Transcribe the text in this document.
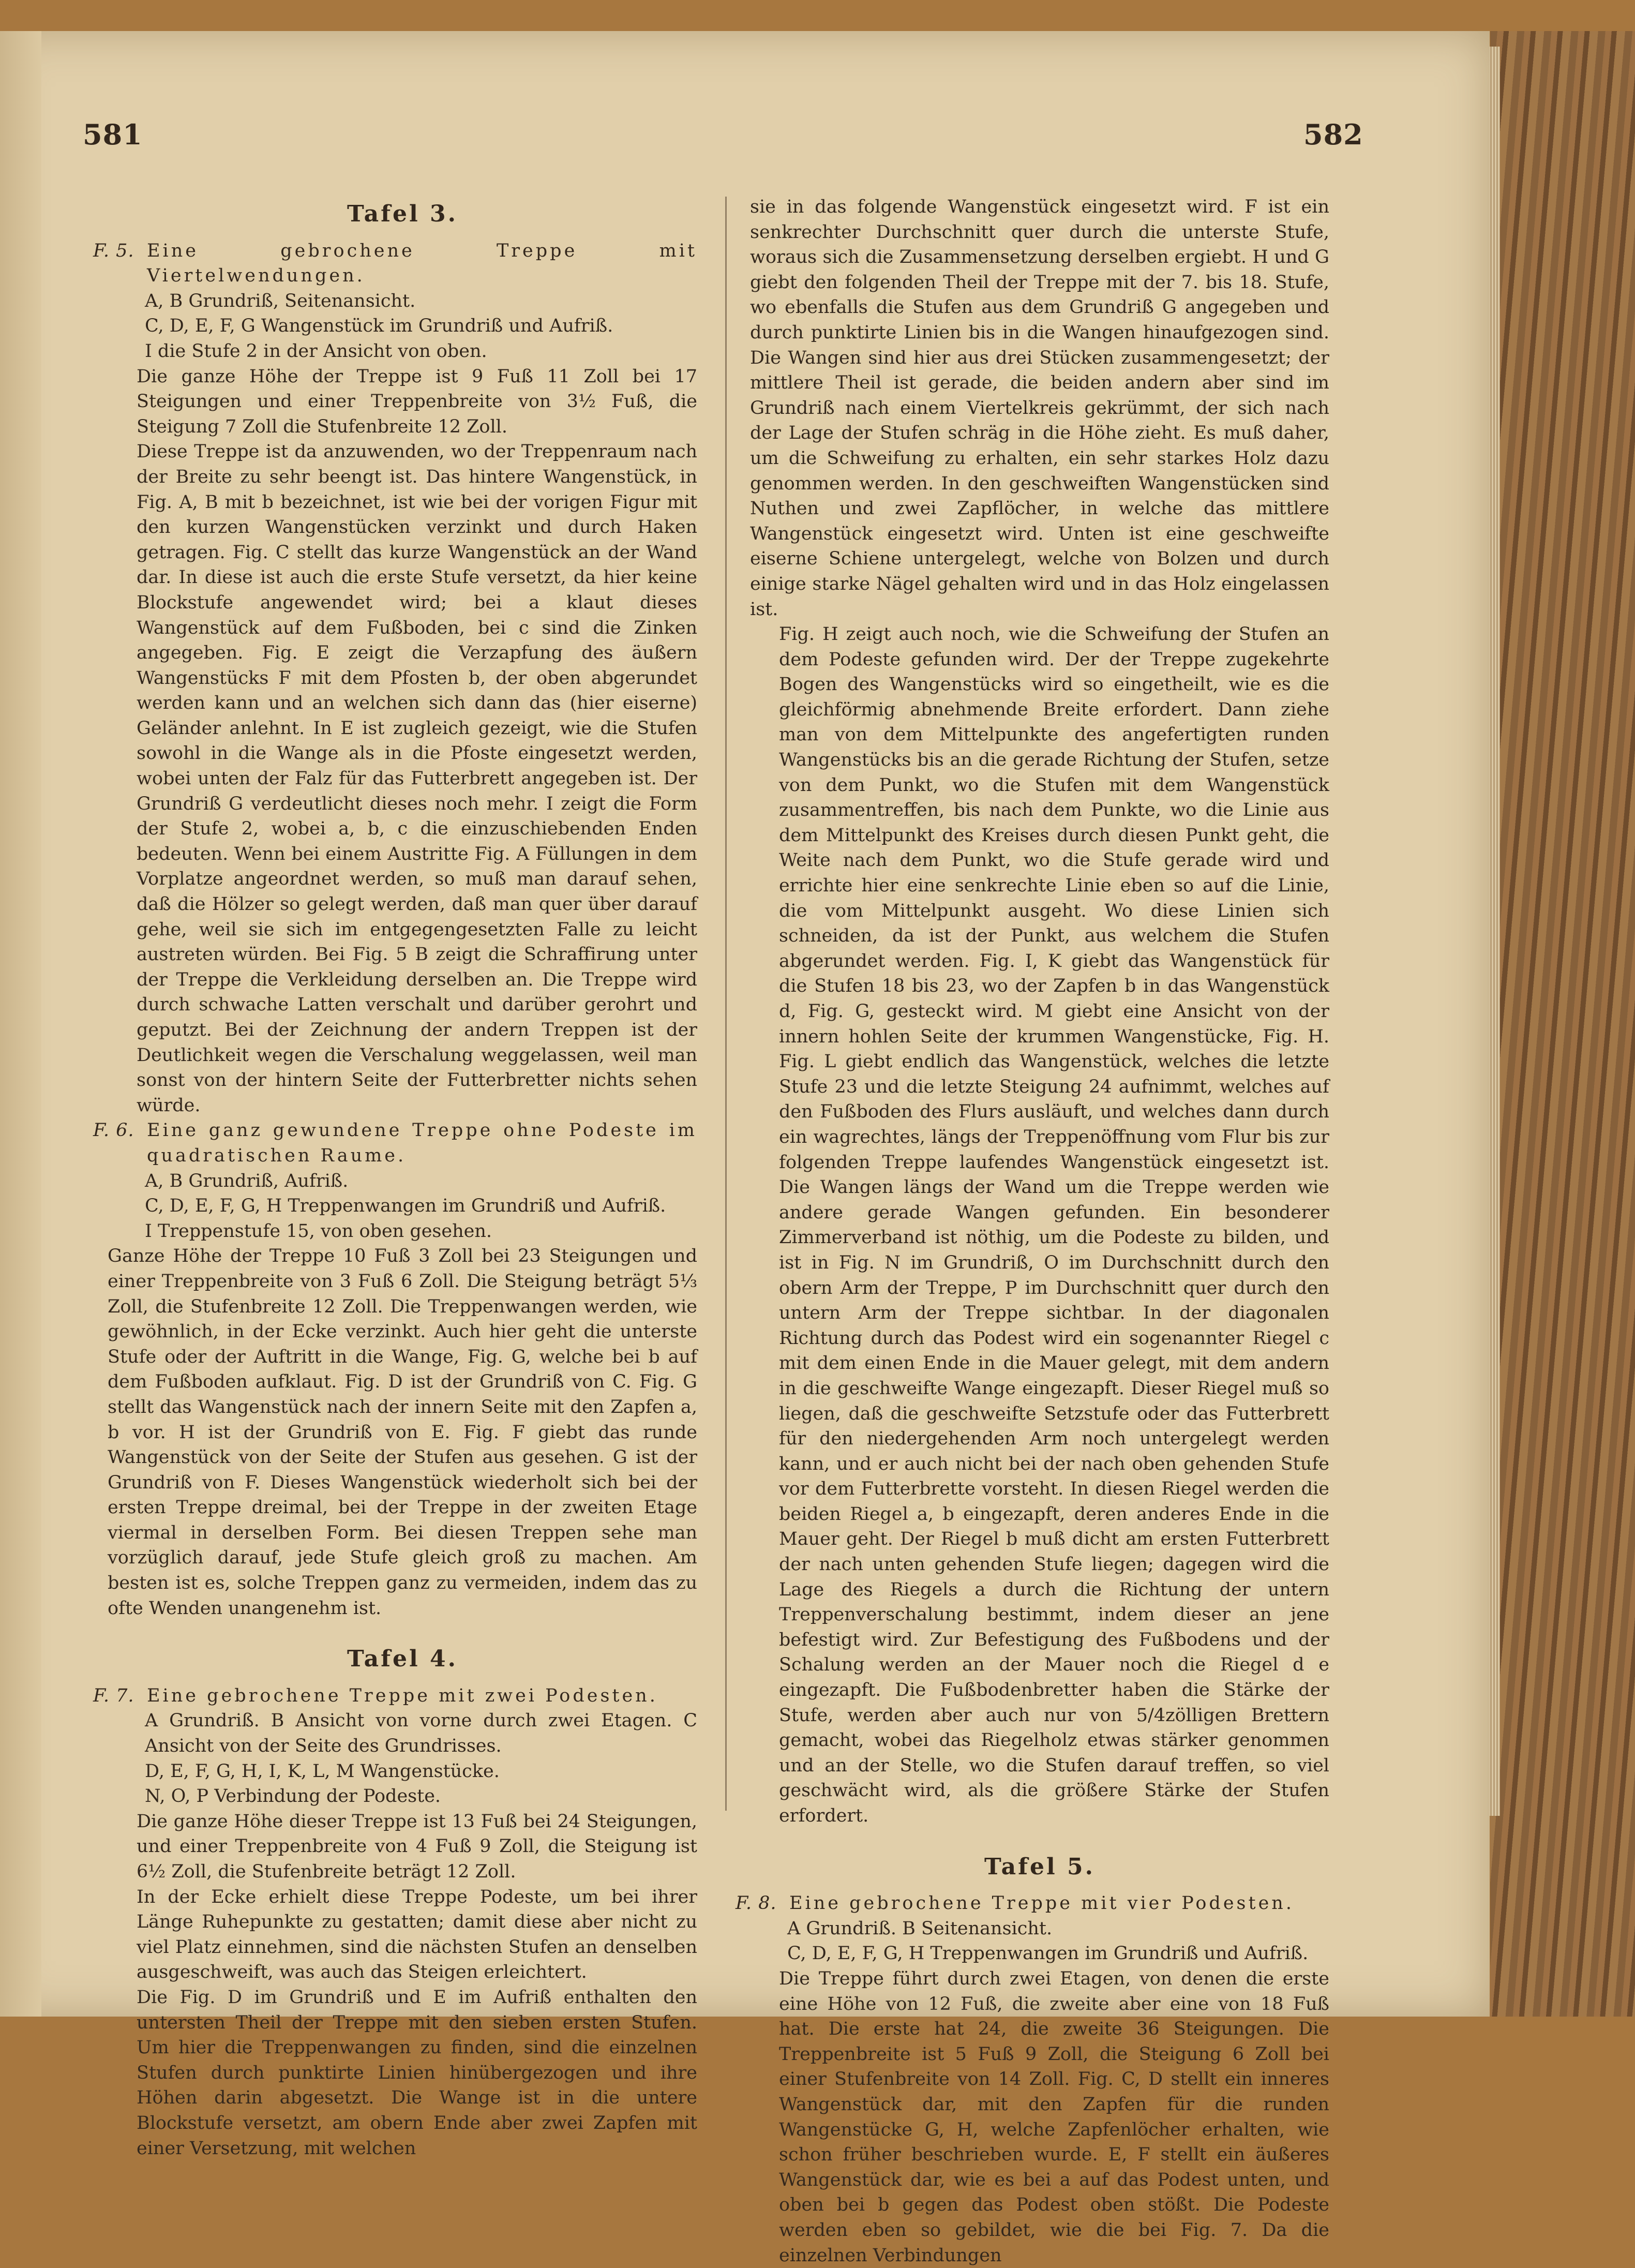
581	582
Tafel 3.

F. 5. Eine gebrochene Treppe mit Viertelwendungen.

A, B Grundriß, Seitenansicht.

C, D, E, F, G Wangenstück im Grundriß und Aufriß.

I die Stufe 2 in der Ansicht von oben.

Die ganze Höhe der Treppe ist 9 Fuß 11 Zoll bei 17 Steigungen und einer Treppenbreite von 3½ Fuß, die Steigung 7 Zoll die Stufenbreite 12 Zoll.

Diese Treppe ist da anzuwenden, wo der Treppenraum nach der Breite zu sehr beengt ist. Das hintere Wangenstück, in Fig. A, B mit b bezeichnet, ist wie bei der vorigen Figur mit den kurzen Wangenstücken verzinkt und durch Haken getragen. Fig. C stellt das kurze Wangenstück an der Wand dar. In diese ist auch die erste Stufe versetzt, da hier keine Blockstufe angewendet wird; bei a klaut dieses Wangenstück auf dem Fußboden, bei c sind die Zinken angegeben. Fig. E zeigt die Verzapfung des äußern Wangenstücks F mit dem Pfosten b, der oben abgerundet werden kann und an welchen sich dann das (hier eiserne) Geländer anlehnt. In E ist zugleich gezeigt, wie die Stufen sowohl in die Wange als in die Pfoste eingesetzt werden, wobei unten der Falz für das Futterbrett angegeben ist. Der Grundriß G verdeutlicht dieses noch mehr. I zeigt die Form der Stufe 2, wobei a, b, c die einzuschiebenden Enden bedeuten. Wenn bei einem Austritte Fig. A Füllungen in dem Vorplatze angeordnet werden, so muß man darauf sehen, daß die Hölzer so gelegt werden, daß man quer über darauf gehe, weil sie sich im entgegengesetzten Falle zu leicht austreten würden. Bei Fig. 5 B zeigt die Schraffirung unter der Treppe die Verkleidung derselben an. Die Treppe wird durch schwache Latten verschalt und darüber gerohrt und geputzt. Bei der Zeichnung der andern Treppen ist der Deutlichkeit wegen die Verschalung weggelassen, weil man sonst von der hintern Seite der Futterbretter nichts sehen würde.

F. 6. Eine ganz gewundene Treppe ohne Podeste im quadratischen Raume.

A, B Grundriß, Aufriß.

C, D, E, F, G, H Treppenwangen im Grundriß und Aufriß.

I Treppenstufe 15, von oben gesehen.

Ganze Höhe der Treppe 10 Fuß 3 Zoll bei 23 Steigungen und einer Treppenbreite von 3 Fuß 6 Zoll. Die Steigung beträgt 5⅓ Zoll, die Stufenbreite 12 Zoll. Die Treppenwangen werden, wie gewöhnlich, in der Ecke verzinkt. Auch hier geht die unterste Stufe oder der Auftritt in die Wange, Fig. G, welche bei b auf dem Fußboden aufklaut. Fig. D ist der Grundriß von C. Fig. G stellt das Wangenstück nach der innern Seite mit den Zapfen a, b vor. H ist der Grundriß von E. Fig. F giebt das runde Wangenstück von der Seite der Stufen aus gesehen. G ist der Grundriß von F. Dieses Wangenstück wiederholt sich bei der ersten Treppe dreimal, bei der Treppe in der zweiten Etage viermal in derselben Form. Bei diesen Treppen sehe man vorzüglich darauf, jede Stufe gleich groß zu machen. Am besten ist es, solche Treppen ganz zu vermeiden, indem das zu ofte Wenden unangenehm ist.

Tafel 4.

F. 7. Eine gebrochene Treppe mit zwei Podesten.

A Grundriß. B Ansicht von vorne durch zwei Etagen. C Ansicht von der Seite des Grundrisses.

D, E, F, G, H, I, K, L, M Wangenstücke.

N, O, P Verbindung der Podeste.

Die ganze Höhe dieser Treppe ist 13 Fuß bei 24 Steigungen, und einer Treppenbreite von 4 Fuß 9 Zoll, die Steigung ist 6½ Zoll, die Stufenbreite beträgt 12 Zoll.

In der Ecke erhielt diese Treppe Podeste, um bei ihrer Länge Ruhepunkte zu gestatten; damit diese aber nicht zu viel Platz einnehmen, sind die nächsten Stufen an denselben ausgeschweift, was auch das Steigen erleichtert.

Die Fig. D im Grundriß und E im Aufriß enthalten den untersten Theil der Treppe mit den sieben ersten Stufen. Um hier die Treppenwangen zu finden, sind die einzelnen Stufen durch punktirte Linien hinübergezogen und ihre Höhen darin abgesetzt. Die Wange ist in die untere Blockstufe versetzt, am obern Ende aber zwei Zapfen mit einer Versetzung, mit welchen

sie in das folgende Wangenstück eingesetzt wird. F ist ein senkrechter Durchschnitt quer durch die unterste Stufe, woraus sich die Zusammensetzung derselben ergiebt. H und G giebt den folgenden Theil der Treppe mit der 7. bis 18. Stufe, wo ebenfalls die Stufen aus dem Grundriß G angegeben und durch punktirte Linien bis in die Wangen hinaufgezogen sind. Die Wangen sind hier aus drei Stücken zusammengesetzt; der mittlere Theil ist gerade, die beiden andern aber sind im Grundriß nach einem Viertelkreis gekrümmt, der sich nach der Lage der Stufen schräg in die Höhe zieht. Es muß daher, um die Schweifung zu erhalten, ein sehr starkes Holz dazu genommen werden. In den geschweiften Wangenstücken sind Nuthen und zwei Zapflöcher, in welche das mittlere Wangenstück eingesetzt wird. Unten ist eine geschweifte eiserne Schiene untergelegt, welche von Bolzen und durch einige starke Nägel gehalten wird und in das Holz eingelassen ist.

Fig. H zeigt auch noch, wie die Schweifung der Stufen an dem Podeste gefunden wird. Der der Treppe zugekehrte Bogen des Wangenstücks wird so eingetheilt, wie es die gleichförmig abnehmende Breite erfordert. Dann ziehe man von dem Mittelpunkte des angefertigten runden Wangenstücks bis an die gerade Richtung der Stufen, setze von dem Punkt, wo die Stufen mit dem Wangenstück zusammentreffen, bis nach dem Punkte, wo die Linie aus dem Mittelpunkt des Kreises durch diesen Punkt geht, die Weite nach dem Punkt, wo die Stufe gerade wird und errichte hier eine senkrechte Linie eben so auf die Linie, die vom Mittelpunkt ausgeht. Wo diese Linien sich schneiden, da ist der Punkt, aus welchem die Stufen abgerundet werden. Fig. I, K giebt das Wangenstück für die Stufen 18 bis 23, wo der Zapfen b in das Wangenstück d, Fig. G, gesteckt wird. M giebt eine Ansicht von der innern hohlen Seite der krummen Wangenstücke, Fig. H. Fig. L giebt endlich das Wangenstück, welches die letzte Stufe 23 und die letzte Steigung 24 aufnimmt, welches auf den Fußboden des Flurs ausläuft, und welches dann durch ein wagrechtes, längs der Treppenöffnung vom Flur bis zur folgenden Treppe laufendes Wangenstück eingesetzt ist. Die Wangen längs der Wand um die Treppe werden wie andere gerade Wangen gefunden. Ein besonderer Zimmerverband ist nöthig, um die Podeste zu bilden, und ist in Fig. N im Grundriß, O im Durchschnitt durch den obern Arm der Treppe, P im Durchschnitt quer durch den untern Arm der Treppe sichtbar. In der diagonalen Richtung durch das Podest wird ein sogenannter Riegel c mit dem einen Ende in die Mauer gelegt, mit dem andern in die geschweifte Wange eingezapft. Dieser Riegel muß so liegen, daß die geschweifte Setzstufe oder das Futterbrett für den niedergehenden Arm noch untergelegt werden kann, und er auch nicht bei der nach oben gehenden Stufe vor dem Futterbrette vorsteht. In diesen Riegel werden die beiden Riegel a, b eingezapft, deren anderes Ende in die Mauer geht. Der Riegel b muß dicht am ersten Futterbrett der nach unten gehenden Stufe liegen; dagegen wird die Lage des Riegels a durch die Richtung der untern Treppenverschalung bestimmt, indem dieser an jene befestigt wird. Zur Befestigung des Fußbodens und der Schalung werden an der Mauer noch die Riegel d e eingezapft. Die Fußbodenbretter haben die Stärke der Stufe, werden aber auch nur von 5/4zölligen Brettern gemacht, wobei das Riegelholz etwas stärker genommen und an der Stelle, wo die Stufen darauf treffen, so viel geschwächt wird, als die größere Stärke der Stufen erfordert.

Tafel 5.

F. 8. Eine gebrochene Treppe mit vier Podesten.

A Grundriß. B Seitenansicht.

C, D, E, F, G, H Treppenwangen im Grundriß und Aufriß.

Die Treppe führt durch zwei Etagen, von denen die erste eine Höhe von 12 Fuß, die zweite aber eine von 18 Fuß hat. Die erste hat 24, die zweite 36 Steigungen. Die Treppenbreite ist 5 Fuß 9 Zoll, die Steigung 6 Zoll bei einer Stufenbreite von 14 Zoll. Fig. C, D stellt ein inneres Wangenstück dar, mit den Zapfen für die runden Wangenstücke G, H, welche Zapfenlöcher erhalten, wie schon früher beschrieben wurde. E, F stellt ein äußeres Wangenstück dar, wie es bei a auf das Podest unten, und oben bei b gegen das Podest oben stößt. Die Podeste werden eben so gebildet, wie die bei Fig. 7. Da die einzelnen Verbindungen
